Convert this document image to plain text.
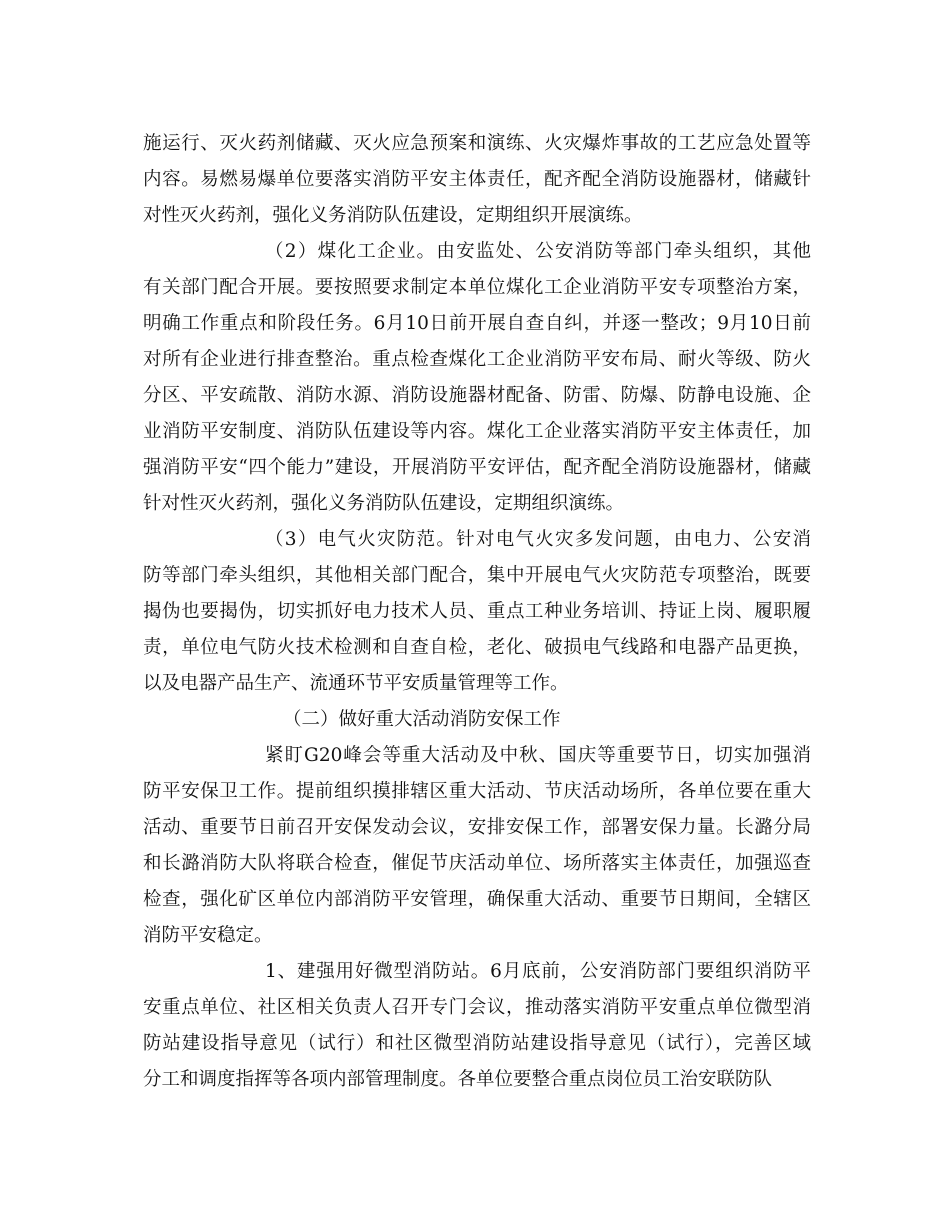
施运行、灭火药剂储藏、灭火应急预案和演练、火灾爆炸事故的工艺应急处置等
内容。易燃易爆单位要落实消防平安主体责任，配齐配全消防设施器材，储藏针
对性灭火药剂，强化义务消防队伍建设，定期组织开展演练。
（2）煤化工企业。由安监处、公安消防等部门牵头组织，其他
有关部门配合开展。要按照要求制定本单位煤化工企业消防平安专项整治方案，
明确工作重点和阶段任务。6月10日前开展自查自纠，并逐一整改；9月10日前
对所有企业进行排查整治。重点检查煤化工企业消防平安布局、耐火等级、防火
分区、平安疏散、消防水源、消防设施器材配备、防雷、防爆、防静电设施、企
业消防平安制度、消防队伍建设等内容。煤化工企业落实消防平安主体责任，加
强消防平安“四个能力”建设，开展消防平安评估，配齐配全消防设施器材，储藏
针对性灭火药剂，强化义务消防队伍建设，定期组织演练。
（3）电气火灾防范。针对电气火灾多发问题，由电力、公安消
防等部门牵头组织，其他相关部门配合，集中开展电气火灾防范专项整治，既要
揭伪也要揭伪，切实抓好电力技术人员、重点工种业务培训、持证上岗、履职履
责，单位电气防火技术检测和自查自检，老化、破损电气线路和电器产品更换，
以及电器产品生产、流通环节平安质量管理等工作。
（二）做好重大活动消防安保工作
紧盯G20峰会等重大活动及中秋、国庆等重要节日，切实加强消
防平安保卫工作。提前组织摸排辖区重大活动、节庆活动场所，各单位要在重大
活动、重要节日前召开安保发动会议，安排安保工作，部署安保力量。长潞分局
和长潞消防大队将联合检查，催促节庆活动单位、场所落实主体责任，加强巡查
检查，强化矿区单位内部消防平安管理，确保重大活动、重要节日期间，全辖区
消防平安稳定。
1、建强用好微型消防站。6月底前，公安消防部门要组织消防平
安重点单位、社区相关负责人召开专门会议，推动落实消防平安重点单位微型消
防站建设指导意见（试行）和社区微型消防站建设指导意见（试行），完善区域
分工和调度指挥等各项内部管理制度。各单位要整合重点岗位员工治安联防队
